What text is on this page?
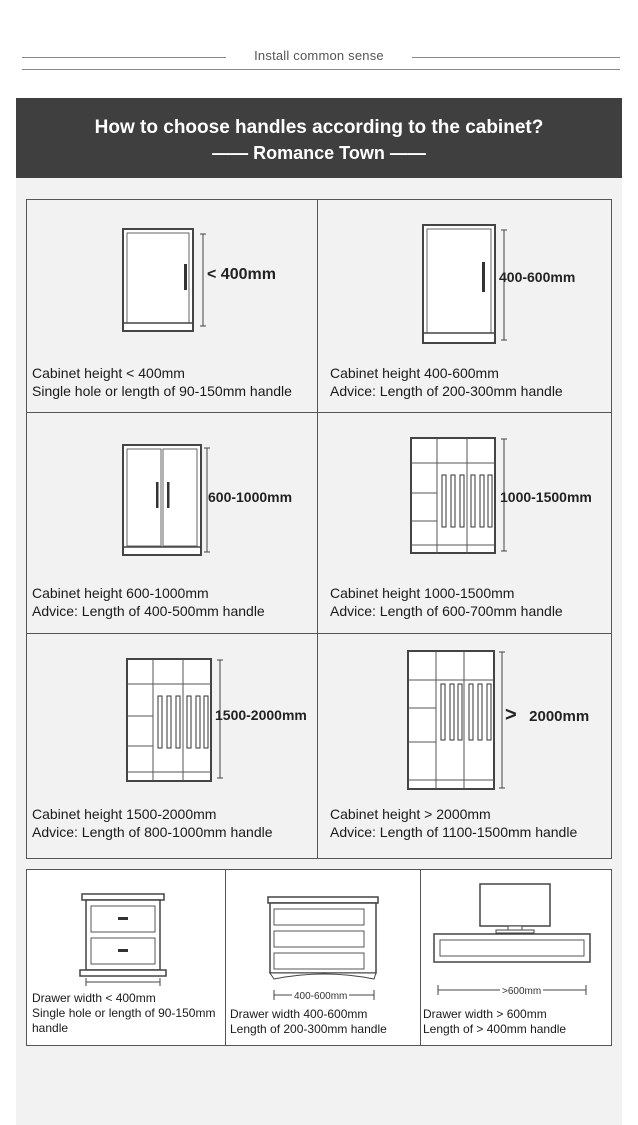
Install common sense
How to choose handles according to the cabinet?
—— Romance Town ——
< 400mm
Cabinet height < 400mm
Single hole or length of 90-150mm handle
400-600mm
Cabinet height 400-600mm
Advice: Length of 200-300mm handle
600-1000mm
Cabinet height 600-1000mm
Advice: Length of 400-500mm handle
1000-1500mm
Cabinet height 1000-1500mm
Advice: Length of 600-700mm handle
1500-2000mm
Cabinet height 1500-2000mm
Advice: Length of 800-1000mm handle
> 2000mm
Cabinet height > 2000mm
Advice: Length of 1100-1500mm handle
Drawer width < 400mm
Single hole or length of 90-150mm
handle
400-600mm
Drawer width 400-600mm
Length of 200-300mm handle
>600mm
Drawer width > 600mm
Length of > 400mm handle
